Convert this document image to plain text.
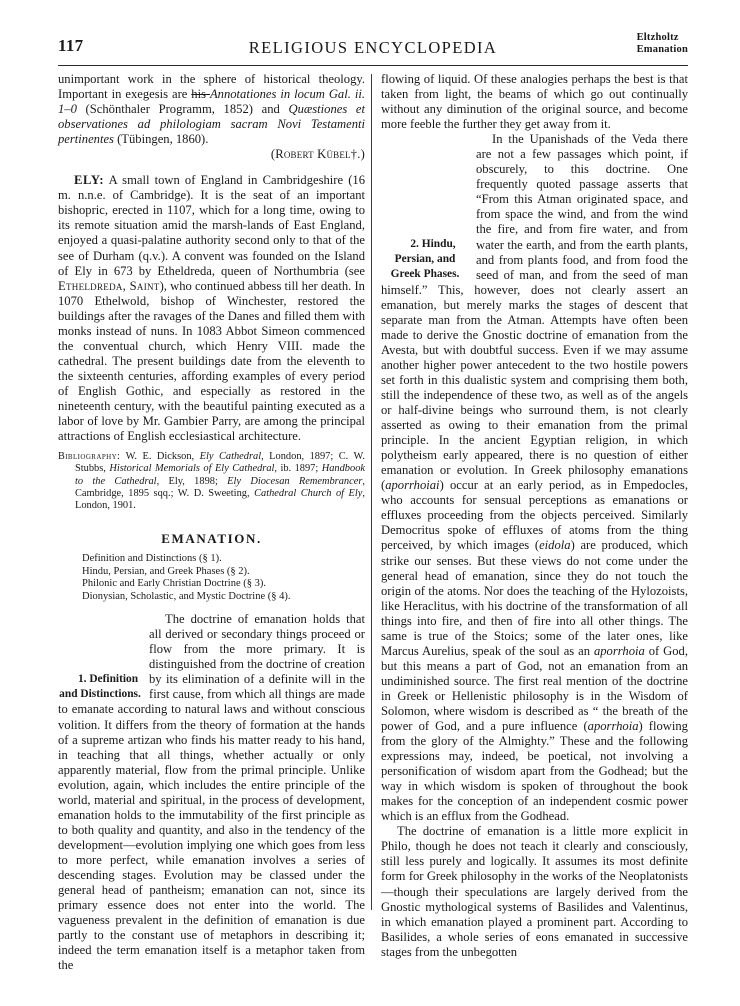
117	RELIGIOUS ENCYCLOPEDIA
Eltzholtz
Emanation

unimportant work in the sphere of historical theology. Important in exegesis are his Annotationes in locum Gal. ii. 1–0 (Schönthaler Programm, 1852) and Quæstiones et observationes ad philologiam sacram Novi Testamenti pertinentes (Tübingen, 1860).

(Robert Kübel†.)

ELY: A small town of England in Cambridgeshire (16 m. n.n.e. of Cambridge). It is the seat of an important bishopric, erected in 1107, which for a long time, owing to its remote situation amid the marsh-lands of East England, enjoyed a quasi-palatine authority second only to that of the see of Durham (q.v.). A convent was founded on the Island of Ely in 673 by Etheldreda, queen of Northumbria (see Etheldreda, Saint), who continued abbess till her death. In 1070 Ethelwold, bishop of Winchester, restored the buildings after the ravages of the Danes and filled them with monks instead of nuns. In 1083 Abbot Simeon commenced the conventual church, which Henry VIII. made the cathedral. The present buildings date from the eleventh to the sixteenth centuries, affording examples of every period of English Gothic, and especially as restored in the nineteenth century, with the beautiful painting executed as a labor of love by Mr. Gambier Parry, are among the principal attractions of English ecclesiastical architecture.

Bibliography: W. E. Dickson, Ely Cathedral, London, 1897; C. W. Stubbs, Historical Memorials of Ely Cathedral, ib. 1897; Handbook to the Cathedral, Ely, 1898; Ely Diocesan Remembrancer, Cambridge, 1895 sqq.; W. D. Sweeting, Cathedral Church of Ely, London, 1901.

EMANATION.
Definition and Distinctions (§ 1).
Hindu, Persian, and Greek Phases (§ 2).
Philonic and Early Christian Doctrine (§ 3).
Dionysian, Scholastic, and Mystic Doctrine (§ 4).

1. Definition and Distinctions.
The doctrine of emanation holds that all derived or secondary things proceed or flow from the more primary. It is distinguished from the doctrine of creation by its elimination of a definite will in the first cause, from which all things are made to emanate according to natural laws and without conscious volition. It differs from the theory of formation at the hands of a supreme artizan who finds his matter ready to his hand, in teaching that all things, whether actually or only apparently material, flow from the primal principle. Unlike evolution, again, which includes the entire principle of the world, material and spiritual, in the process of development, emanation holds to the immutability of the first principle as to both quality and quantity, and also in the tendency of the development—evolution implying one which goes from less to more perfect, while emanation involves a series of descending stages. Evolution may be classed under the general head of pantheism; emanation can not, since its primary essence does not enter into the world. The vagueness prevalent in the definition of emanation is due partly to the constant use of metaphors in describing it; indeed the term emanation itself is a metaphor taken from the

flowing of liquid. Of these analogies perhaps the best is that taken from light, the beams of which go out continually without any diminution of the original source, and become more feeble the further they get away from it.

2. Hindu, Persian, and Greek Phases.
In the Upanishads of the Veda there are not a few passages which point, if obscurely, to this doctrine. One frequently quoted passage asserts that “From this Atman originated space, and from space the wind, and from the wind the fire, and from fire water, and from water the earth, and from the earth plants, and from plants food, and from food the seed of man, and from the seed of man himself.” This, however, does not clearly assert an emanation, but merely marks the stages of descent that separate man from the Atman. Attempts have often been made to derive the Gnostic doctrine of emanation from the Avesta, but with doubtful success. Even if we may assume another higher power antecedent to the two hostile powers set forth in this dualistic system and comprising them both, still the independence of these two, as well as of the angels or half-divine beings who surround them, is not clearly asserted as owing to their emanation from the primal principle. In the ancient Egyptian religion, in which polytheism early appeared, there is no question of either emanation or evolution. In Greek philosophy emanations (aporrhoiai) occur at an early period, as in Empedocles, who accounts for sensual perceptions as emanations or effluxes proceeding from the objects perceived. Similarly Democritus spoke of effluxes of atoms from the thing perceived, by which images (eidola) are produced, which strike our senses. But these views do not come under the general head of emanation, since they do not touch the origin of the atoms. Nor does the teaching of the Hylozoists, like Heraclitus, with his doctrine of the transformation of all things into fire, and then of fire into all other things. The same is true of the Stoics; some of the later ones, like Marcus Aurelius, speak of the soul as an aporrhoia of God, but this means a part of God, not an emanation from an undiminished source. The first real mention of the doctrine in Greek or Hellenistic philosophy is in the Wisdom of Solomon, where wisdom is described as “ the breath of the power of God, and a pure influence (aporrhoia) flowing from the glory of the Almighty.” These and the following expressions may, indeed, be poetical, not involving a personification of wisdom apart from the Godhead; but the way in which wisdom is spoken of throughout the book makes for the conception of an independent cosmic power which is an efflux from the Godhead.

The doctrine of emanation is a little more explicit in Philo, though he does not teach it clearly and consciously, still less purely and logically. It assumes its most definite form for Greek philosophy in the works of the Neoplatonists—though their speculations are largely derived from the Gnostic mythological systems of Basilides and Valentinus, in which emanation played a prominent part. According to Basilides, a whole series of eons emanated in successive stages from the unbegotten
